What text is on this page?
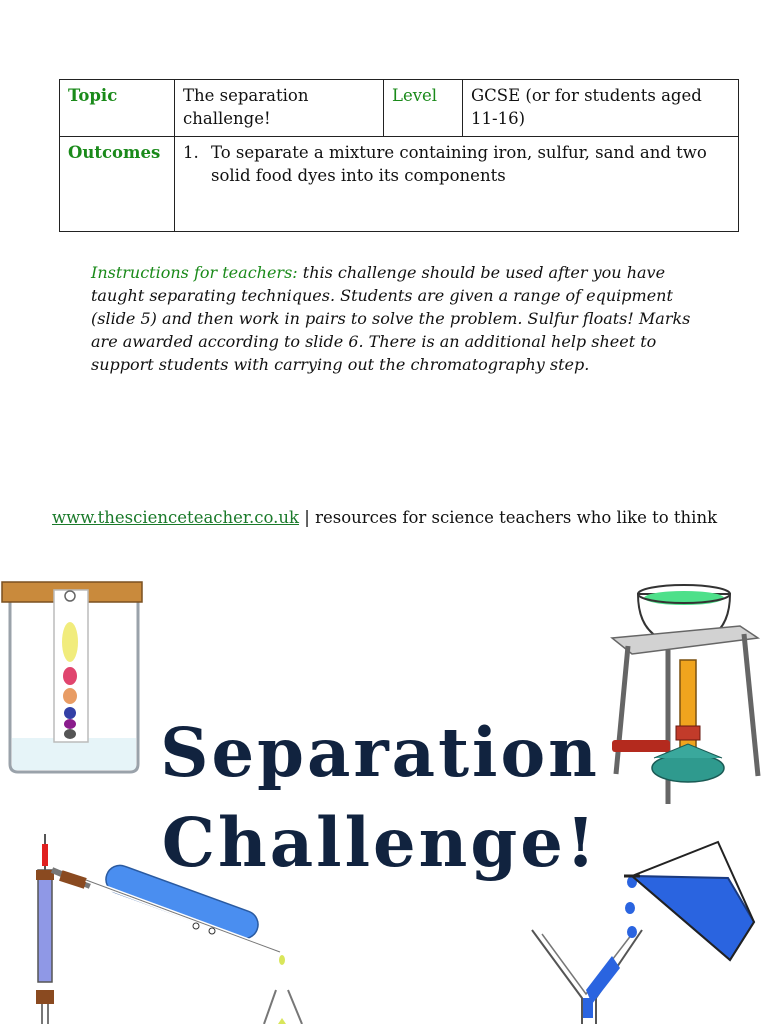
Topic	The separation challenge!	Level	GCSE (or for students aged 11-16)
Outcomes	1. To separate a mixture containing iron, sulfur, sand and two solid food dyes into its components		
Instructions for teachers: this challenge should be used after you have taught separating techniques. Students are given a range of equipment (slide 5) and then work in pairs to solve the problem. Sulfur floats! Marks are awarded according to slide 6. There is an additional help sheet to support students with carrying out the chromatography step.
www.thescienceteacher.co.uk | resources for science teachers who like to think
Separation
Challenge!
